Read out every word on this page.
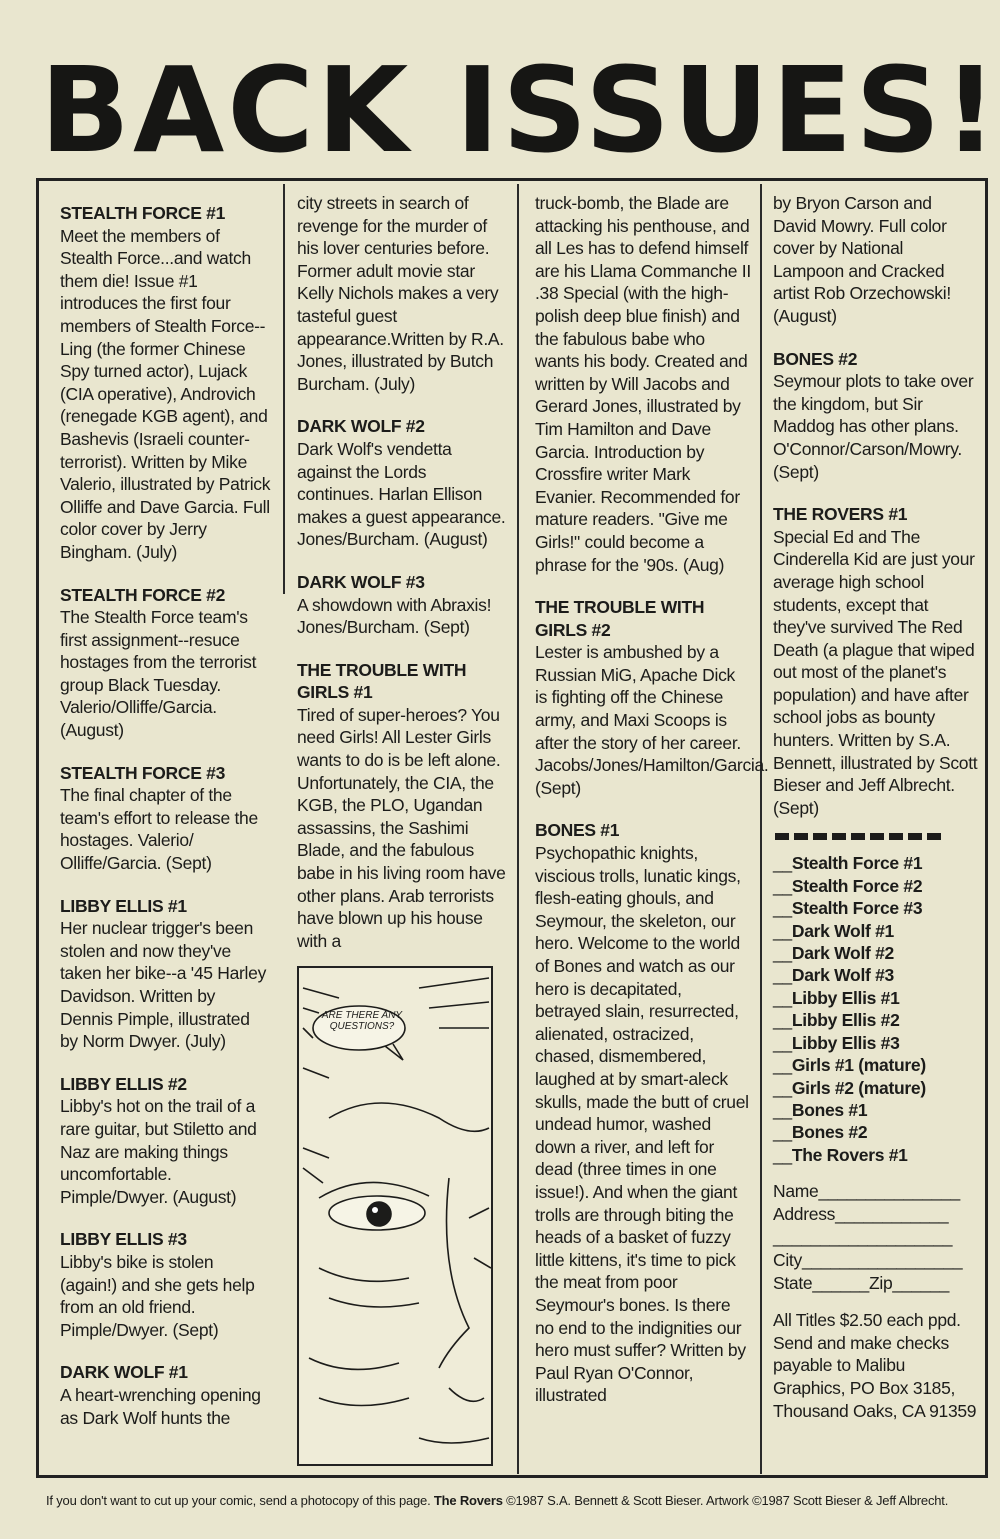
BACK ISSUES!

STEALTH FORCE #1
Meet the members of Stealth Force...and watch them die! Issue #1 introduces the first four members of Stealth Force--Ling (the former Chinese Spy turned actor), Lujack (CIA operative), Androvich (renegade KGB agent), and Bashevis (Israeli counter-terrorist). Written by Mike Valerio, illustrated by Patrick Olliffe and Dave Garcia. Full color cover by Jerry Bingham. (July)

STEALTH FORCE #2
The Stealth Force team's first assignment--resuce hostages from the terrorist group Black Tuesday. Valerio/Olliffe/Garcia. (August)

STEALTH FORCE #3
The final chapter of the team's effort to release the hostages. Valerio/ Olliffe/Garcia. (Sept)

LIBBY ELLIS #1
Her nuclear trigger's been stolen and now they've taken her bike--a '45 Harley Davidson. Written by Dennis Pimple, illustrated by Norm Dwyer. (July)

LIBBY ELLIS #2
Libby's hot on the trail of a rare guitar, but Stiletto and Naz are making things uncomfortable. Pimple/Dwyer. (August)

LIBBY ELLIS #3
Libby's bike is stolen (again!) and she gets help from an old friend. Pimple/Dwyer. (Sept)

DARK WOLF #1
A heart-wrenching opening as Dark Wolf hunts the

city streets in search of revenge for the murder of his lover centuries before. Former adult movie star Kelly Nichols makes a very tasteful guest appearance.Written by R.A. Jones, illustrated by Butch Burcham. (July)

DARK WOLF #2
Dark Wolf's vendetta against the Lords continues. Harlan Ellison makes a guest appearance. Jones/Burcham. (August)

DARK WOLF #3
A showdown with Abraxis! Jones/Burcham. (Sept)

THE TROUBLE WITH GIRLS #1
Tired of super-heroes? You need Girls! All Lester Girls wants to do is be left alone. Unfortunately, the CIA, the KGB, the PLO, Ugandan assassins, the Sashimi Blade, and the fabulous babe in his living room have other plans. Arab terrorists have blown up his house with a

ARE THERE ANY QUESTIONS?

truck-bomb, the Blade are attacking his penthouse, and all Les has to defend himself are his Llama Commanche II .38 Special (with the high-polish deep blue finish) and the fabulous babe who wants his body. Created and written by Will Jacobs and Gerard Jones, illustrated by Tim Hamilton and Dave Garcia. Introduction by Crossfire writer Mark Evanier. Recommended for mature readers. "Give me Girls!" could become a phrase for the '90s. (Aug)

THE TROUBLE WITH GIRLS #2
Lester is ambushed by a Russian MiG, Apache Dick is fighting off the Chinese army, and Maxi Scoops is after the story of her career. Jacobs/Jones/Hamilton/Garcia. (Sept)

BONES #1
Psychopathic knights, viscious trolls, lunatic kings, flesh-eating ghouls, and Seymour, the skeleton, our hero. Welcome to the world of Bones and watch as our hero is decapitated, betrayed slain, resurrected, alienated, ostracized, chased, dismembered, laughed at by smart-aleck skulls, made the butt of cruel undead humor, washed down a river, and left for dead (three times in one issue!). And when the giant trolls are through biting the heads of a basket of fuzzy little kittens, it's time to pick the meat from poor Seymour's bones. Is there no end to the indignities our hero must suffer? Written by Paul Ryan O'Connor, illustrated

by Bryon Carson and David Mowry. Full color cover by National Lampoon and Cracked artist Rob Orzechowski! (August)

BONES #2
Seymour plots to take over the kingdom, but Sir Maddog has other plans. O'Connor/Carson/Mowry. (Sept)

THE ROVERS #1
Special Ed and The Cinderella Kid are just your average high school students, except that they've survived The Red Death (a plague that wiped out most of the planet's population) and have after school jobs as bounty hunters. Written by S.A. Bennett, illustrated by Scott Bieser and Jeff Albrecht. (Sept)

__Stealth Force #1
__Stealth Force #2
__Stealth Force #3
__Dark Wolf #1
__Dark Wolf #2
__Dark Wolf #3
__Libby Ellis #1
__Libby Ellis #2
__Libby Ellis #3
__Girls #1 (mature)
__Girls #2 (mature)
__Bones #1
__Bones #2
__The Rovers #1
Name_______________
Address____________
___________________
City_________________
State______Zip______

All Titles $2.50 each ppd. Send and make checks payable to Malibu Graphics, PO Box 3185, Thousand Oaks, CA 91359

If you don't want to cut up your comic, send a photocopy of this page. The Rovers ©1987 S.A. Bennett & Scott Bieser. Artwork ©1987 Scott Bieser & Jeff Albrecht.
